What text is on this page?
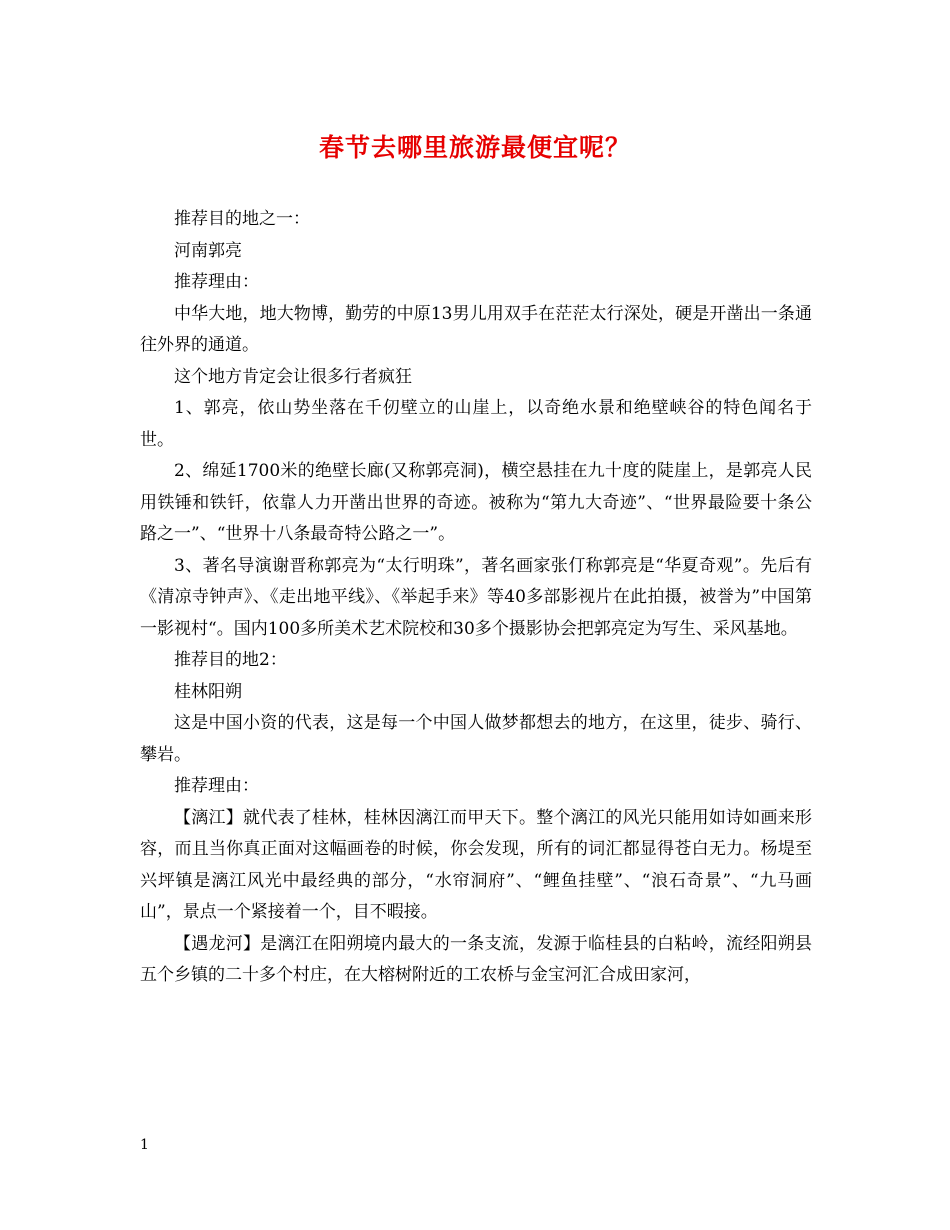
春节去哪里旅游最便宜呢？

推荐目的地之一：

河南郭亮

推荐理由：

中华大地，地大物博，勤劳的中原13男儿用双手在茫茫太行深处，硬是开凿出一条通往外界的通道。

这个地方肯定会让很多行者疯狂

1、郭亮，依山势坐落在千仞壁立的山崖上，以奇绝水景和绝壁峡谷的特色闻名于世。

2、绵延1700米的绝壁长廊(又称郭亮洞)，横空悬挂在九十度的陡崖上，是郭亮人民用铁锤和铁钎，依靠人力开凿出世界的奇迹。被称为“第九大奇迹”、“世界最险要十条公路之一”、“世界十八条最奇特公路之一”。

3、著名导演谢晋称郭亮为“太行明珠”，著名画家张仃称郭亮是“华夏奇观”。先后有《清凉寺钟声》、《走出地平线》、《举起手来》等40多部影视片在此拍摄，被誉为”中国第一影视村“。国内100多所美术艺术院校和30多个摄影协会把郭亮定为写生、采风基地。

推荐目的地2：

桂林阳朔

这是中国小资的代表，这是每一个中国人做梦都想去的地方，在这里，徒步、骑行、攀岩。

推荐理由：

【漓江】就代表了桂林，桂林因漓江而甲天下。整个漓江的风光只能用如诗如画来形容，而且当你真正面对这幅画卷的时候，你会发现，所有的词汇都显得苍白无力。杨堤至兴坪镇是漓江风光中最经典的部分，“水帘洞府”、“鲤鱼挂壁”、“浪石奇景”、“九马画山”，景点一个紧接着一个，目不暇接。

【遇龙河】是漓江在阳朔境内最大的一条支流，发源于临桂县的白粘岭，流经阳朔县五个乡镇的二十多个村庄，在大榕树附近的工农桥与金宝河汇合成田家河，

1
